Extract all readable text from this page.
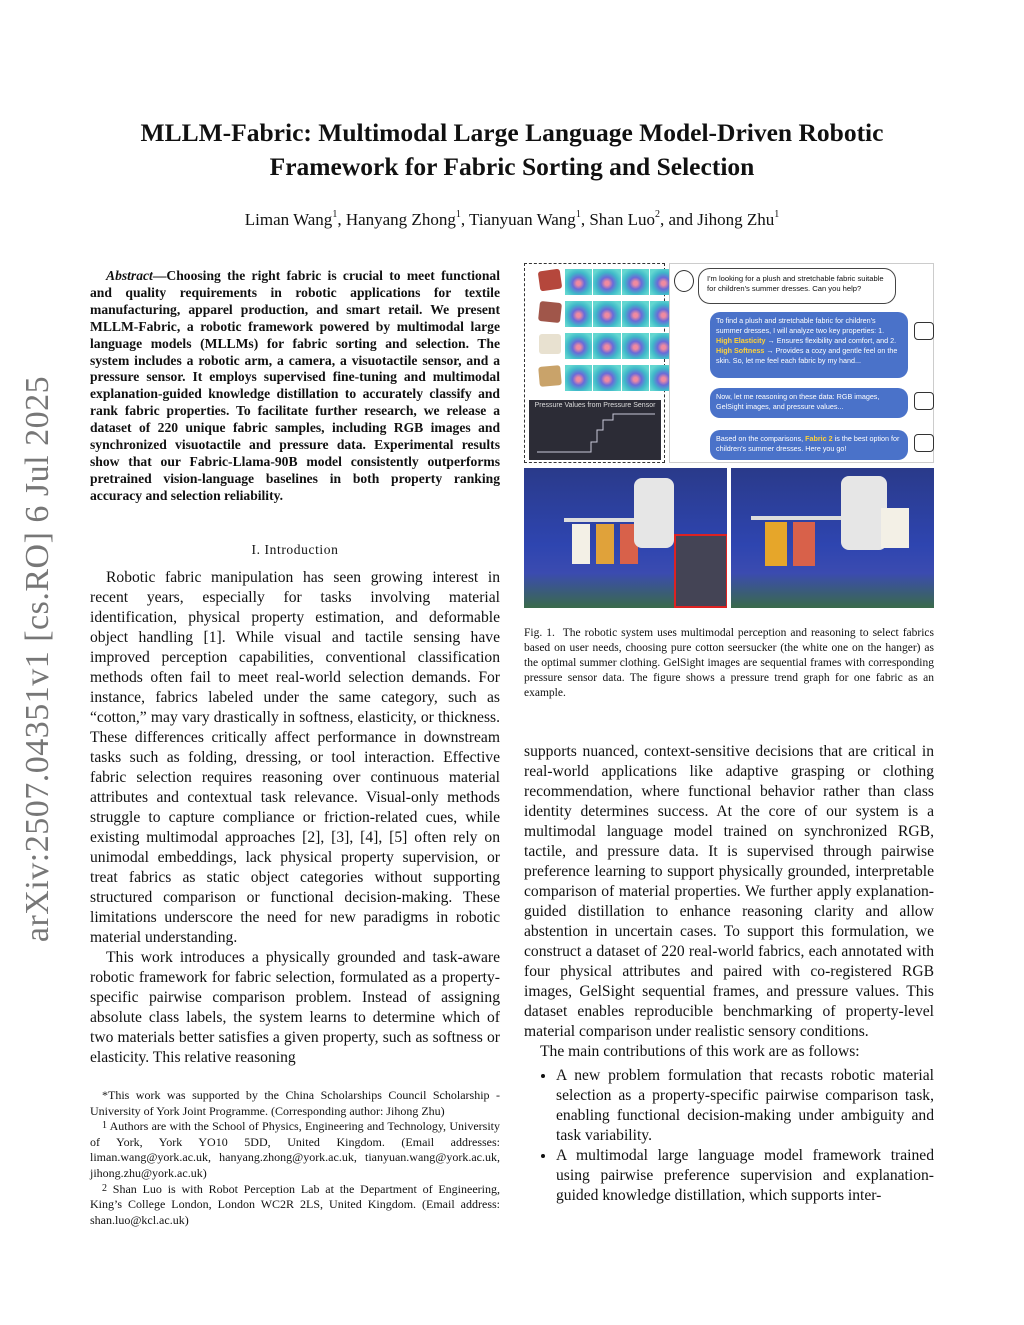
arXiv:2507.04351v1 [cs.RO] 6 Jul 2025
MLLM-Fabric: Multimodal Large Language Model-Driven Robotic Framework for Fabric Sorting and Selection
Liman Wang$^1$, Hanyang Zhong$^1$, Tianyuan Wang$^1$, Shan Luo$^2$, and Jihong Zhu$^1$
Abstract—Choosing the right fabric is crucial to meet functional and quality requirements in robotic applications for textile manufacturing, apparel production, and smart retail. We present MLLM-Fabric, a robotic framework powered by multimodal large language models (MLLMs) for fabric sorting and selection. The system includes a robotic arm, a camera, a visuotactile sensor, and a pressure sensor. It employs supervised fine-tuning and multimodal explanation-guided knowledge distillation to accurately classify and rank fabric properties. To facilitate further research, we release a dataset of 220 unique fabric samples, including RGB images and synchronized visuotactile and pressure data. Experimental results show that our Fabric-Llama-90B model consistently outperforms pretrained vision-language baselines in both property ranking accuracy and selection reliability.
I. Introduction

Robotic fabric manipulation has seen growing interest in recent years, especially for tasks involving material identification, physical property estimation, and deformable object handling [1]. While visual and tactile sensing have improved perception capabilities, conventional classification methods often fail to meet real-world selection demands. For instance, fabrics labeled under the same category, such as “cotton,” may vary drastically in softness, elasticity, or thickness. These differences critically affect performance in downstream tasks such as folding, dressing, or tool interaction. Effective fabric selection requires reasoning over continuous material attributes and contextual task relevance. Visual-only methods struggle to capture compliance or friction-related cues, while existing multimodal approaches [2], [3], [4], [5] often rely on unimodal embeddings, lack physical property supervision, or treat fabrics as static object categories without supporting structured comparison or functional decision-making. These limitations underscore the need for new paradigms in robotic material understanding.

This work introduces a physically grounded and task-aware robotic framework for fabric selection, formulated as a property-specific pairwise comparison problem. Instead of assigning absolute class labels, the system learns to determine which of two materials better satisfies a given property, such as softness or elasticity. This relative reasoning

*This work was supported by the China Scholarships Council Scholarship - University of York Joint Programme. (Corresponding author: Jihong Zhu)
$^1$ Authors are with the School of Physics, Engineering and Technology, University of York, York YO10 5DD, United Kingdom. (Email addresses: liman.wang@york.ac.uk, hanyang.zhong@york.ac.uk, tianyuan.wang@york.ac.uk, jihong.zhu@york.ac.uk)
$^2$ Shan Luo is with Robot Perception Lab at the Department of Engineering, King’s College London, London WC2R 2LS, United Kingdom. (Email address: shan.luo@kcl.ac.uk)
Pressure Values from Pressure Sensor
I'm looking for a plush and stretchable fabric suitable for children's summer dresses. Can you help?
To find a plush and stretchable fabric for children's summer dresses, I will analyze two key properties: 1. High Elasticity → Ensures flexibility and comfort, and 2. High Softness → Provides a cozy and gentle feel on the skin. So, let me feel each fabric by my hand...
Now, let me reasoning on these data: RGB images, GelSight images, and pressure values...
Based on the comparisons, Fabric 2 is the best option for children's summer dresses. Here you go!
Fig. 1. The robotic system uses multimodal perception and reasoning to select fabrics based on user needs, choosing pure cotton seersucker (the white one on the hanger) as the optimal summer clothing. GelSight images are sequential frames with corresponding pressure sensor data. The figure shows a pressure trend graph for one fabric as an example.

supports nuanced, context-sensitive decisions that are critical in real-world applications like adaptive grasping or clothing recommendation, where functional behavior rather than class identity determines success. At the core of our system is a multimodal language model trained on synchronized RGB, tactile, and pressure data. It is supervised through pairwise preference learning to support physically grounded, interpretable comparison of material properties. We further apply explanation-guided distillation to enhance reasoning clarity and allow abstention in uncertain cases. To support this formulation, we construct a dataset of 220 real-world fabrics, each annotated with four physical attributes and paired with co-registered RGB images, GelSight sequential frames, and pressure values. This dataset enables reproducible benchmarking of property-level material comparison under realistic sensory conditions.

The main contributions of this work are as follows:

• A new problem formulation that recasts robotic material selection as a property-specific pairwise comparison task, enabling functional decision-making under ambiguity and task variability.
• A multimodal large language model framework trained using pairwise preference supervision and explanation-guided knowledge distillation, which supports inter-
